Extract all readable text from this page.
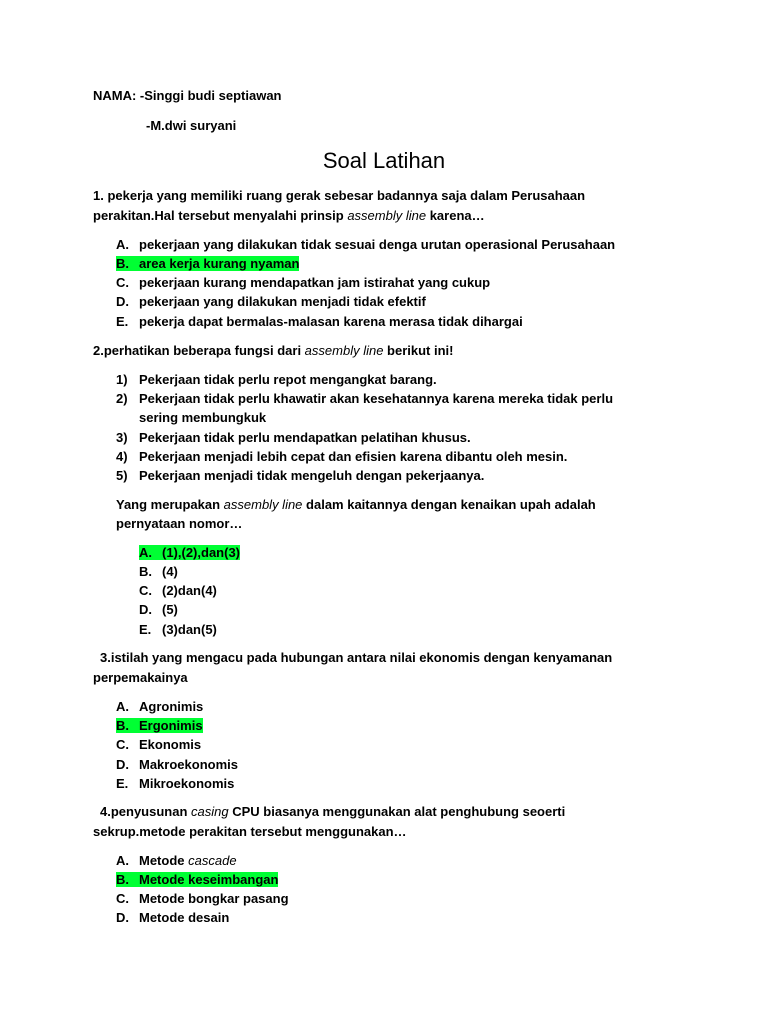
NAMA: -Singgi budi septiawan
-M.dwi suryani
Soal Latihan
1. pekerja yang memiliki ruang gerak sebesar badannya saja dalam Perusahaan
perakitan.Hal tersebut menyalahi prinsip assembly line karena…
A. pekerjaan yang dilakukan tidak sesuai denga urutan operasional Perusahaan
B. area kerja kurang nyaman
C. pekerjaan kurang mendapatkan jam istirahat yang cukup
D. pekerjaan yang dilakukan menjadi tidak efektif
E. pekerja dapat bermalas-malasan karena merasa tidak dihargai
2.perhatikan beberapa fungsi dari assembly line berikut ini!
1) Pekerjaan tidak perlu repot mengangkat barang.
2) Pekerjaan tidak perlu khawatir akan kesehatannya karena mereka tidak perlu
sering membungkuk
3) Pekerjaan tidak perlu mendapatkan pelatihan khusus.
4) Pekerjaan menjadi lebih cepat dan efisien karena dibantu oleh mesin.
5) Pekerjaan menjadi tidak mengeluh dengan pekerjaanya.
Yang merupakan assembly line dalam kaitannya dengan kenaikan upah adalah
pernyataan nomor…
A. (1),(2),dan(3)
B. (4)
C. (2)dan(4)
D. (5)
E. (3)dan(5)
3.istilah yang mengacu pada hubungan antara nilai ekonomis dengan kenyamanan
perpemakainya
A. Agronimis
B. Ergonimis
C. Ekonomis
D. Makroekonomis
E. Mikroekonomis
4.penyusunan casing CPU biasanya menggunakan alat penghubung seoerti
sekrup.metode perakitan tersebut menggunakan…
A. Metode cascade
B. Metode keseimbangan
C. Metode bongkar pasang
D. Metode desain
